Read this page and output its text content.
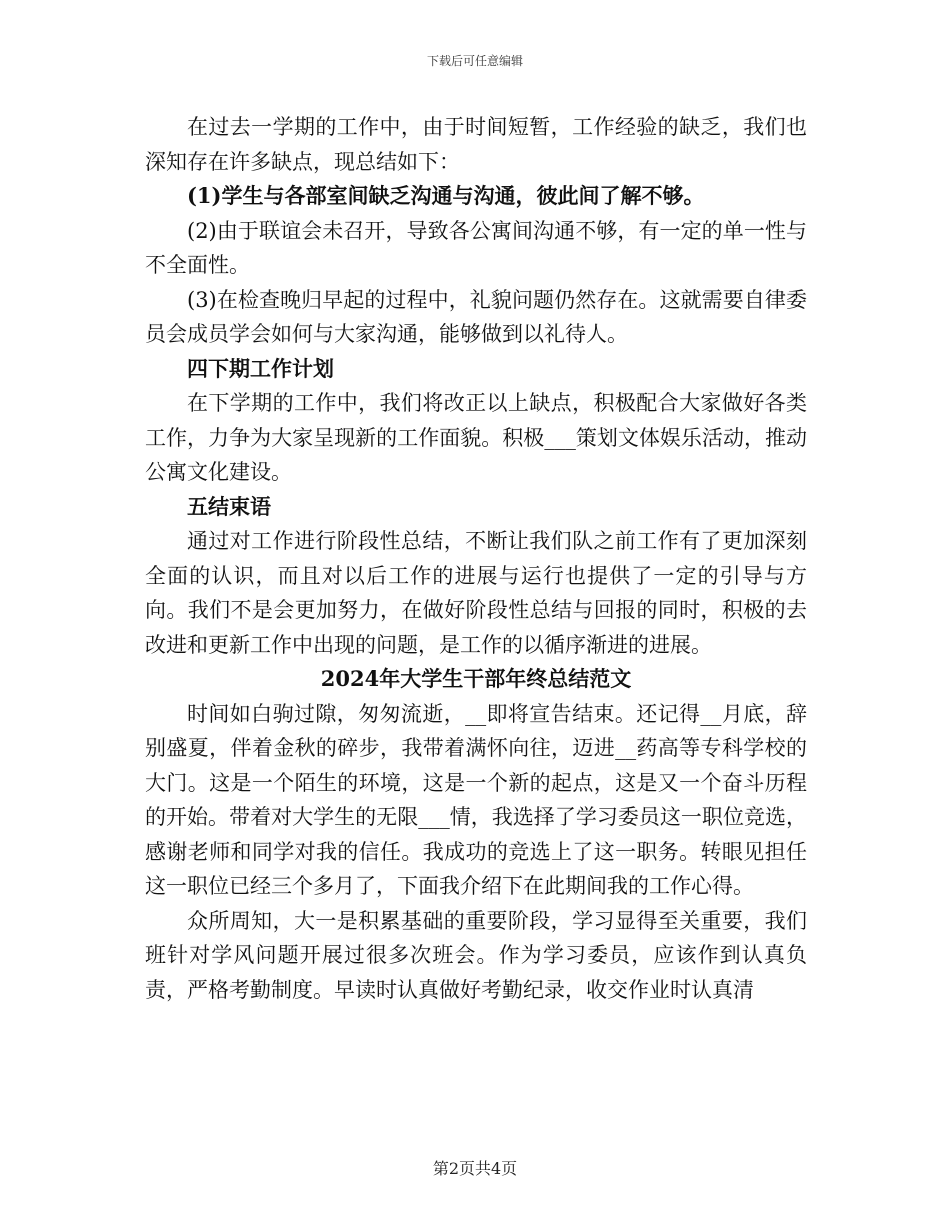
下载后可任意编辑

在过去一学期的工作中，由于时间短暂，工作经验的缺乏，我们也深知存在许多缺点，现总结如下：

(1)学生与各部室间缺乏沟通与沟通，彼此间了解不够。

(2)由于联谊会未召开，导致各公寓间沟通不够，有一定的单一性与不全面性。

(3)在检查晚归早起的过程中，礼貌问题仍然存在。这就需要自律委员会成员学会如何与大家沟通，能够做到以礼待人。

四下期工作计划

在下学期的工作中，我们将改正以上缺点，积极配合大家做好各类工作，力争为大家呈现新的工作面貌。积极___策划文体娱乐活动，推动公寓文化建设。

五结束语

通过对工作进行阶段性总结，不断让我们队之前工作有了更加深刻全面的认识，而且对以后工作的进展与运行也提供了一定的引导与方向。我们不是会更加努力，在做好阶段性总结与回报的同时，积极的去改进和更新工作中出现的问题，是工作的以循序渐进的进展。

2024年大学生干部年终总结范文

时间如白驹过隙，匆匆流逝，__即将宣告结束。还记得__月底，辞别盛夏，伴着金秋的碎步，我带着满怀向往，迈进__药高等专科学校的大门。这是一个陌生的环境，这是一个新的起点，这是又一个奋斗历程的开始。带着对大学生的无限___情，我选择了学习委员这一职位竞选，感谢老师和同学对我的信任。我成功的竞选上了这一职务。转眼见担任这一职位已经三个多月了，下面我介绍下在此期间我的工作心得。

众所周知，大一是积累基础的重要阶段，学习显得至关重要，我们班针对学风问题开展过很多次班会。作为学习委员，应该作到认真负责，严格考勤制度。早读时认真做好考勤纪录，收交作业时认真清

第2页共4页
